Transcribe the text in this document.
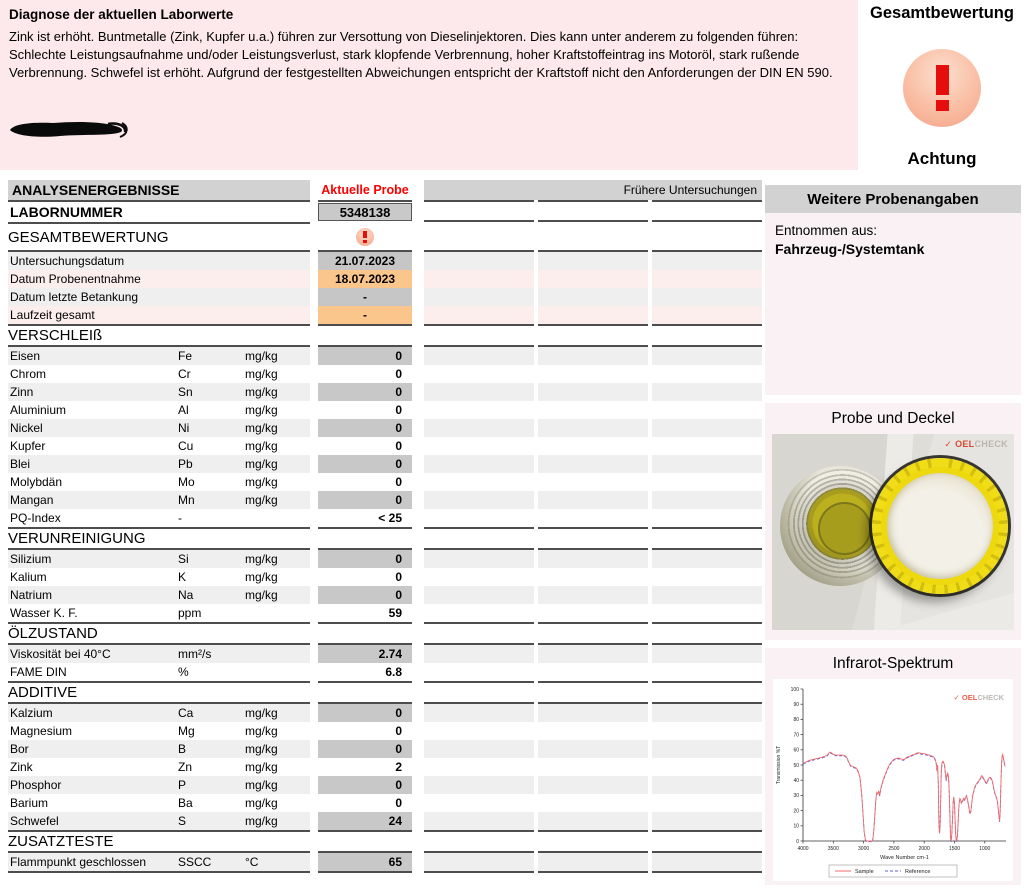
Diagnose der aktuellen Laborwerte

Zink ist erhöht. Buntmetalle (Zink, Kupfer u.a.) führen zur Versottung von Dieselinjektoren. Dies kann unter anderem zu folgenden führen: Schlechte Leistungsaufnahme und/oder Leistungsverlust, stark klopfende Verbrennung, hoher Kraftstoffeintrag ins Motoröl, stark rußende Verbrennung. Schwefel ist erhöht. Aufgrund der festgestellten Abweichungen entspricht der Kraftstoff nicht den Anforderungen der DIN EN 590.

Gesamtbewertung
Achtung
ANALYSENERGEBNISSE	Aktuelle Probe	Frühere Untersuchungen
LABORNUMMER	5348138
GESAMTBEWERTUNG
Untersuchungsdatum	21.07.2023
Datum Probenentnahme	18.07.2023
Datum letzte Betankung	-
Laufzeit gesamt	-
VERSCHLEIß
Eisen	Fe	mg/kg	0
Chrom	Cr	mg/kg	0
Zinn	Sn	mg/kg	0
Aluminium	Al	mg/kg	0
Nickel	Ni	mg/kg	0
Kupfer	Cu	mg/kg	0
Blei	Pb	mg/kg	0
Molybdän	Mo	mg/kg	0
Mangan	Mn	mg/kg	0
PQ-Index	-	< 25
VERUNREINIGUNG
Silizium	Si	mg/kg	0
Kalium	K	mg/kg	0
Natrium	Na	mg/kg	0
Wasser K. F.	ppm	59
ÖLZUSTAND
Viskosität bei 40°C	mm²/s	2.74
FAME DIN	%	6.8
ADDITIVE
Kalzium	Ca	mg/kg	0
Magnesium	Mg	mg/kg	0
Bor	B	mg/kg	0
Zink	Zn	mg/kg	2
Phosphor	P	mg/kg	0
Barium	Ba	mg/kg	0
Schwefel	S	mg/kg	24
ZUSATZTESTE
Flammpunkt geschlossen	SSCC	°C	65
Weitere Probenangaben
Entnommen aus:
Fahrzeug-/Systemtank
Probe und Deckel
✓ OELCHECK
Infrarot-Spektrum
0
10
20
30
40
50
60
70
80
90
100
4000	3500	3000	2500	2000	1500	1000
Wave Number cm-1
Transmission %T
✓ OELCHECK
Sample	Reference
